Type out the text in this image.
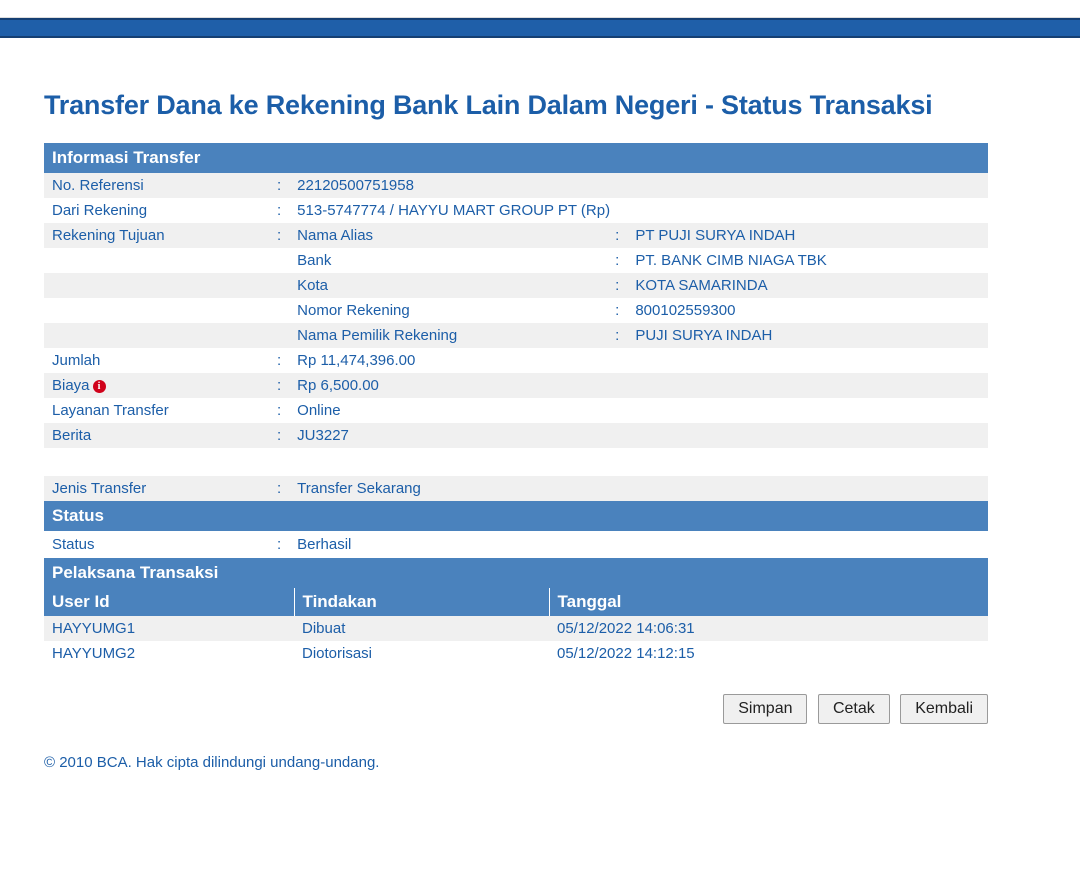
Transfer Dana ke Rekening Bank Lain Dalam Negeri - Status Transaksi
Informasi Transfer				
No. Referensi	:	22120500751958		
Dari Rekening	:	513-5747774 / HAYYU MART GROUP PT (Rp)		
Rekening Tujuan	:	Nama Alias	:	PT PUJI SURYA INDAH
		Bank	:	PT. BANK CIMB NIAGA TBK
		Kota	:	KOTA SAMARINDA
		Nomor Rekening	:	800102559300
		Nama Pemilik Rekening	:	PUJI SURYA INDAH
Jumlah	:	Rp 11,474,396.00		
Biaya i	:	Rp 6,500.00		
Layanan Transfer	:	Online		
Berita	:	JU3227		

Jenis Transfer	:	Transfer Sekarang		
Status				
Status	:	Berhasil		
Pelaksana Transaksi				
User Id	Tindakan	Tanggal
HAYYUMG1	Dibuat	05/12/2022 14:06:31
HAYYUMG2	Diotorisasi	05/12/2022 14:12:15
Simpan	Cetak	Kembali
© 2010 BCA. Hak cipta dilindungi undang-undang.
